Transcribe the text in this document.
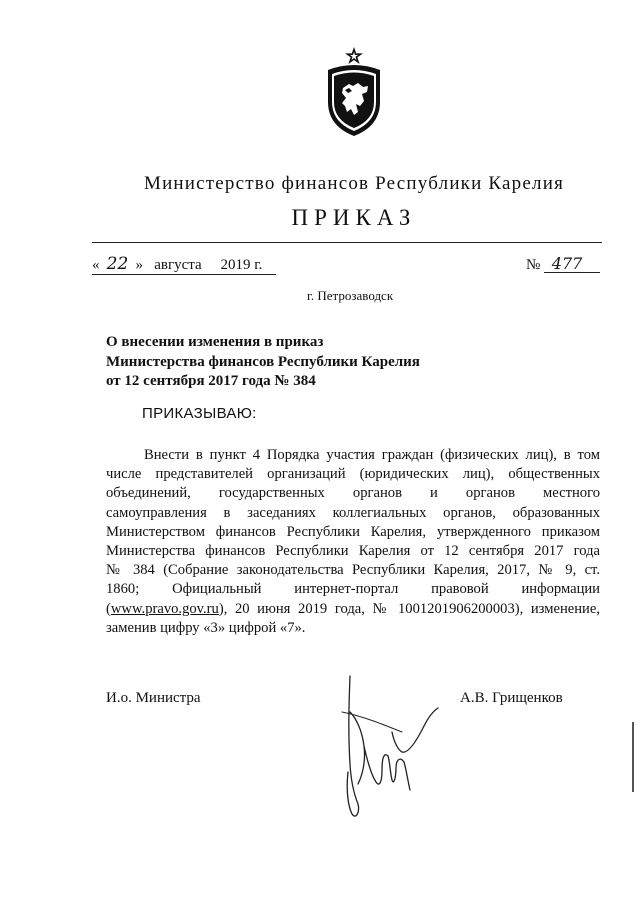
Министерство финансов Республики Карелия
ПРИКАЗ
« 22 » августа 2019 г.	№ 477
г. Петрозаводск
О внесении изменения в приказ
Министерства финансов Республики Карелия
от 12 сентября 2017 года № 384
ПРИКАЗЫВАЮ:
Внести в пункт 4 Порядка участия граждан (физических лиц), в том
числе представителей организаций (юридических лиц), общественных
объединений, государственных органов и органов местного
самоуправления в заседаниях коллегиальных органов, образованных
Министерством финансов Республики Карелия, утвержденного приказом
Министерства финансов Республики Карелия от 12 сентября 2017 года
№ 384 (Собрание законодательства Республики Карелия, 2017, № 9, ст.
1860; Официальный интернет-портал правовой информации
(www.pravo.gov.ru), 20 июня 2019 года, № 1001201906200003), изменение,
заменив цифру «3» цифрой «7».
И.о. Министра	А.В. Грищенков
